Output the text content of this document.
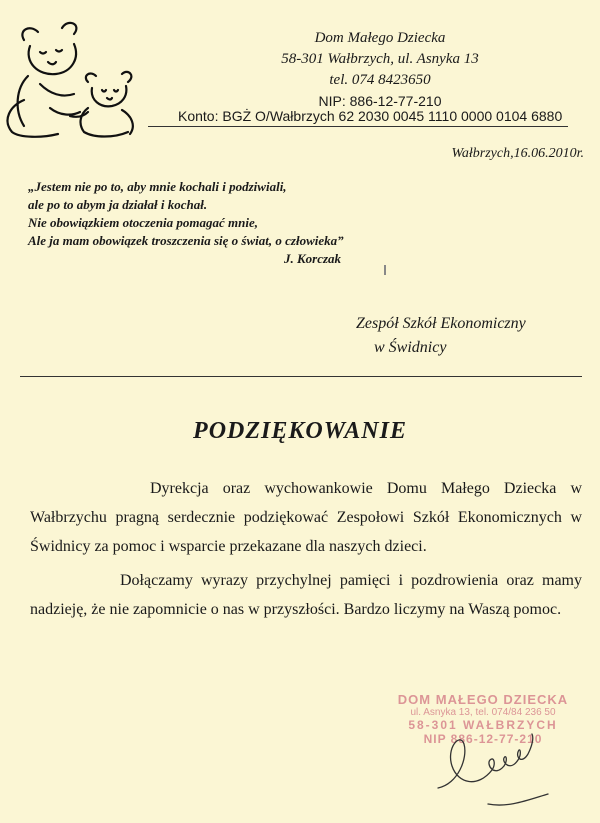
Dom Małego Dziecka
58-301 Wałbrzych, ul. Asnyka 13
tel. 074 8423650
NIP: 886-12-77-210
Konto: BGŻ O/Wałbrzych 62 2030 0045 1110 0000 0104 6880
Wałbrzych,16.06.2010r.
„Jestem nie po to, aby mnie kochali i podziwiali,
ale po to abym ja działał i kochał.
Nie obowiązkiem otoczenia pomagać mnie,
Ale ja mam obowiązek troszczenia się o świat, o człowieka”
J. Korczak
Zespół Szkół Ekonomiczny
w Świdnicy
PODZIĘKOWANIE

Dyrekcja oraz wychowankowie Domu Małego Dziecka w Wałbrzychu pragną serdecznie podziękować Zespołowi Szkół Ekonomicznych w Świdnicy za pomoc i wsparcie przekazane dla naszych dzieci.

Dołączamy wyrazy przychylnej pamięci i pozdrowienia oraz mamy nadzieję, że nie zapomnicie o nas w przyszłości. Bardzo liczymy na Waszą pomoc.

DOM MAŁEGO DZIECKA
ul. Asnyka 13, tel. 074/84 236 50
58-301 WAŁBRZYCH
NIP 886-12-77-210
